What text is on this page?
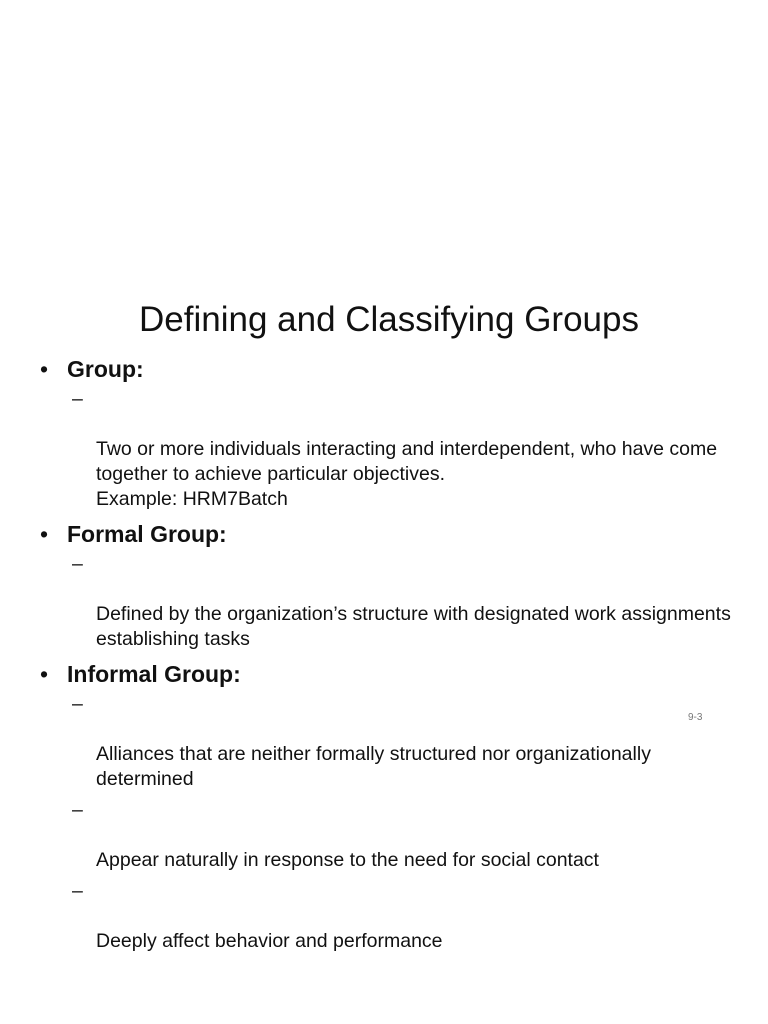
Defining and Classifying Groups
• Group:

–

Two or more individuals interacting and interdependent, who have come together to achieve particular objectives.
Example: HRM7Batch

• Formal Group:

–

Defined by the organization’s structure with designated work assignments establishing tasks

• Informal Group:

–

Alliances that are neither formally structured nor organizationally determined

–

Appear naturally in response to the need for social contact

–

Deeply affect behavior and performance

9-3
